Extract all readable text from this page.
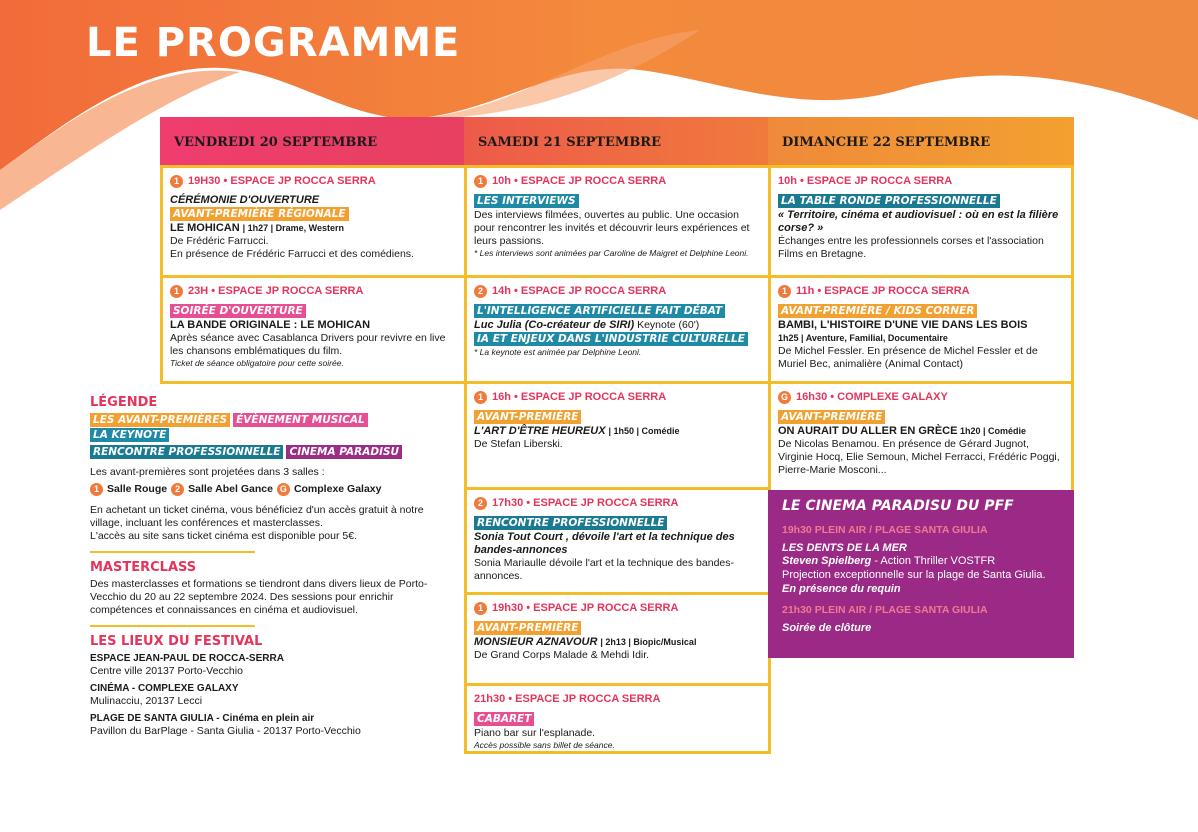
LE PROGRAMME
VENDREDI 20 SEPTEMBRE	SAMEDI 21 SEPTEMBRE	DIMANCHE 22 SEPTEMBRE
1 19H30 • ESPACE JP ROCCA SERRA
CÉRÉMONIE D'OUVERTURE
AVANT-PREMIÈRE RÉGIONALE
LE MOHICAN | 1h27 | Drame, Western
De Frédéric Farrucci.
En présence de Frédéric Farrucci et des comédiens.
1 23H • ESPACE JP ROCCA SERRA
SOIRÉE D'OUVERTURE
LA BANDE ORIGINALE : LE MOHICAN
Après séance avec Casablanca Drivers pour revivre en live les chansons emblématiques du film.
Ticket de séance obligatoire pour cette soirée.
1 10h • ESPACE JP ROCCA SERRA
LES INTERVIEWS
Des interviews filmées, ouvertes au public. Une occasion pour rencontrer les invités et découvrir leurs expériences et leurs passions.
* Les interviews sont animées par Caroline de Maigret et Delphine Leoni.
2 14h • ESPACE JP ROCCA SERRA
L'INTELLIGENCE ARTIFICIELLE FAIT DÉBAT
Luc Julia (Co-créateur de SIRI) Keynote (60')
IA ET ENJEUX DANS L'INDUSTRIE CULTURELLE
* La keynote est animée par Delphine Leoni.
1 16h • ESPACE JP ROCCA SERRA
AVANT-PREMIÈRE
L'ART D'ÊTRE HEUREUX | 1h50 | Comédie
De Stefan Liberski.
2 17h30 • ESPACE JP ROCCA SERRA
RENCONTRE PROFESSIONNELLE
Sonia Tout Court , dévoile l'art et la technique des bandes-annonces
Sonia Mariaulle dévoile l'art et la technique des bandes-annonces.
1 19h30 • ESPACE JP ROCCA SERRA
AVANT-PREMIÈRE
MONSIEUR AZNAVOUR | 2h13 | Biopic/Musical
De Grand Corps Malade & Mehdi Idir.
21h30 • ESPACE JP ROCCA SERRA
CABARET
Piano bar sur l'esplanade.
Accès possible sans billet de séance.
10h • ESPACE JP ROCCA SERRA
LA TABLE RONDE PROFESSIONNELLE
« Territoire, cinéma et audiovisuel : où en est la filière corse? »
Échanges entre les professionnels corses et l'association Films en Bretagne.
1 11h • ESPACE JP ROCCA SERRA
AVANT-PREMIÈRE / KIDS CORNER
BAMBI, L'HISTOIRE D'UNE VIE DANS LES BOIS
1h25 | Aventure, Familial, Documentaire
De Michel Fessler. En présence de Michel Fessler et de Muriel Bec, animalière (Animal Contact)
G 16h30 • COMPLEXE GALAXY
AVANT-PREMIÈRE
ON AURAIT DU ALLER EN GRÈCE 1h20 | Comédie
De Nicolas Benamou. En présence de Gérard Jugnot, Virginie Hocq, Elie Semoun, Michel Ferracci, Frédéric Poggi, Pierre-Marie Mosconi...
LE CINEMA PARADISU DU PFF
19h30 PLEIN AIR / PLAGE SANTA GIULIA
LES DENTS DE LA MER
Steven Spielberg - Action Thriller VOSTFR
Projection exceptionnelle sur la plage de Santa Giulia. En présence du requin
21h30 PLEIN AIR / PLAGE SANTA GIULIA
Soirée de clôture
LÉGENDE
LES AVANT-PREMIÈRES ÉVÈNEMENT MUSICALLA KEYNOTE
RENCONTRE PROFESSIONNELLE CINEMA PARADISU
Les avant-premières sont projetées dans 3 salles :
1 Salle Rouge 2 Salle Abel Gance G Complexe Galaxy
En achetant un ticket cinéma, vous bénéficiez d'un accès gratuit à notre village, incluant les conférences et masterclasses.
L'accès au site sans ticket cinéma est disponible pour 5€.
MASTERCLASS
Des masterclasses et formations se tiendront dans divers lieux de Porto-Vecchio du 20 au 22 septembre 2024. Des sessions pour enrichir compétences et connaissances en cinéma et audiovisuel.
LES LIEUX DU FESTIVAL
ESPACE JEAN-PAUL DE ROCCA-SERRA
Centre ville 20137 Porto-Vecchio
CINÉMA - COMPLEXE GALAXY
Mulinacciu, 20137 Lecci
PLAGE DE SANTA GIULIA - Cinéma en plein air
Pavillon du BarPlage - Santa Giulia - 20137 Porto-Vecchio
